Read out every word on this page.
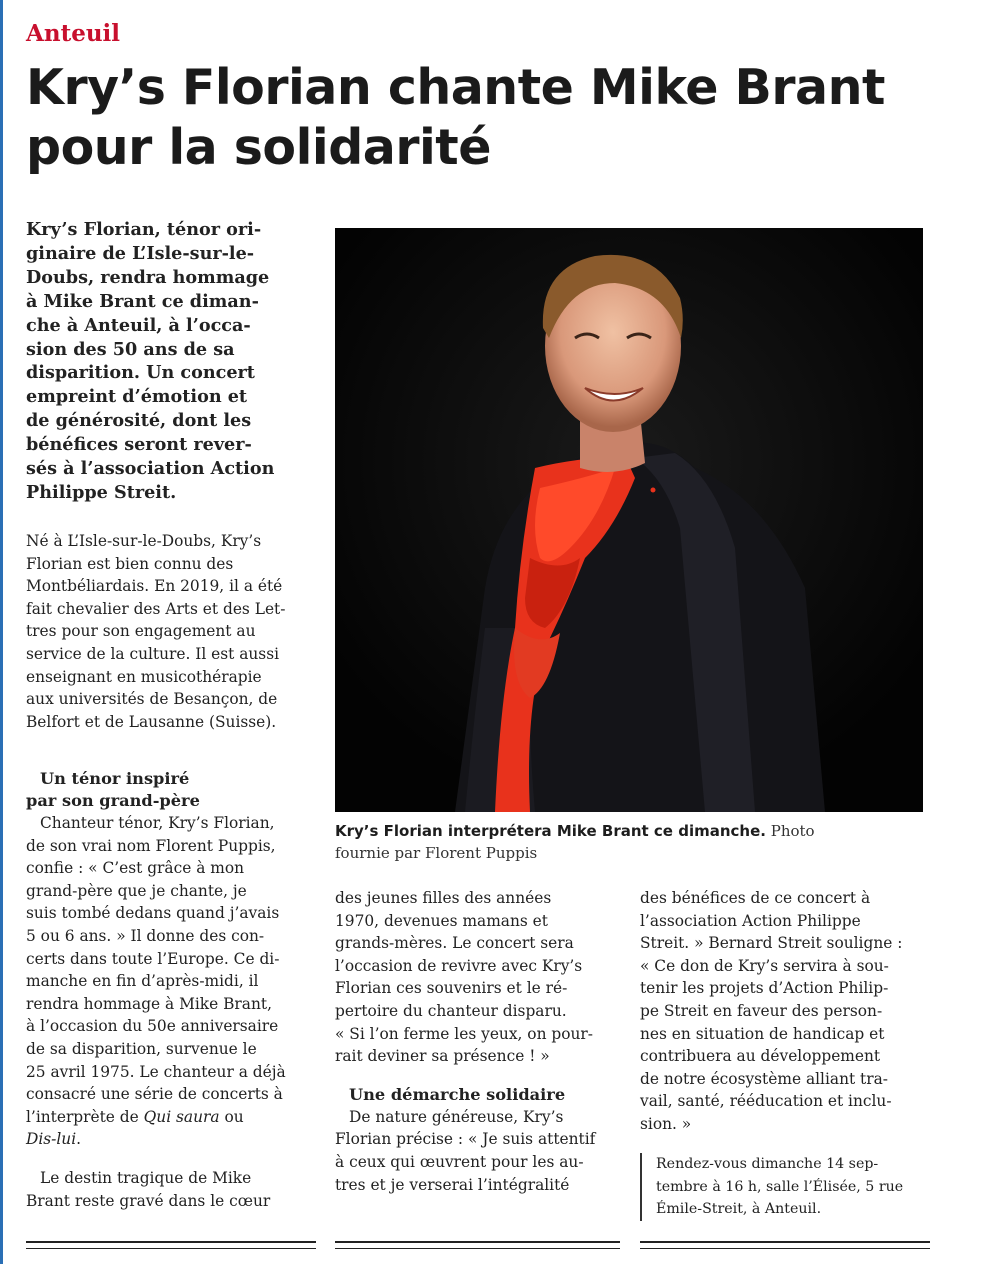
Anteuil
Kry’s Florian chante Mike Brant
pour la solidarité

Kry’s Florian, ténor ori-
ginaire de L’Isle-sur-le-
Doubs, rendra hommage
à Mike Brant ce diman-
che à Anteuil, à l’occa-
sion des 50 ans de sa
disparition. Un concert
empreint d’émotion et
de générosité, dont les
bénéfices seront rever-
sés à l’association Action
Philippe Streit.

Né à L’Isle-sur-le-Doubs, Kry’s
Florian est bien connu des
Montbéliardais. En 2019, il a été
fait chevalier des Arts et des Let-
tres pour son engagement au
service de la culture. Il est aussi
enseignant en musicothérapie
aux universités de Besançon, de
Belfort et de Lausanne (Suisse).
Un ténor inspiré
par son grand-père
Chanteur ténor, Kry’s Florian,
de son vrai nom Florent Puppis,
confie : « C’est grâce à mon
grand-père que je chante, je
suis tombé dedans quand j’avais
5 ou 6 ans. » Il donne des con-
certs dans toute l’Europe. Ce di-
manche en fin d’après-midi, il
rendra hommage à Mike Brant,
à l’occasion du 50e anniversaire
de sa disparition, survenue le
25 avril 1975. Le chanteur a déjà
consacré une série de concerts à
l’interprète de Qui saura ou
Dis-lui.
Le destin tragique de Mike
Brant reste gravé dans le cœur
Kry’s Florian interprétera Mike Brant ce dimanche. Photo
fournie par Florent Puppis
des jeunes filles des années
1970, devenues mamans et
grands-mères. Le concert sera
l’occasion de revivre avec Kry’s
Florian ces souvenirs et le ré-
pertoire du chanteur disparu.
« Si l’on ferme les yeux, on pour-
rait deviner sa présence ! »
Une démarche solidaire
De nature généreuse, Kry’s
Florian précise : « Je suis attentif
à ceux qui œuvrent pour les au-
tres et je verserai l’intégralité
des bénéfices de ce concert à
l’association Action Philippe
Streit. » Bernard Streit souligne :
« Ce don de Kry’s servira à sou-
tenir les projets d’Action Philip-
pe Streit en faveur des person-
nes en situation de handicap et
contribuera au développement
de notre écosystème alliant tra-
vail, santé, rééducation et inclu-
sion. »
Rendez-vous dimanche 14 sep-
tembre à 16 h, salle l’Élisée, 5 rue
Émile-Streit, à Anteuil.
